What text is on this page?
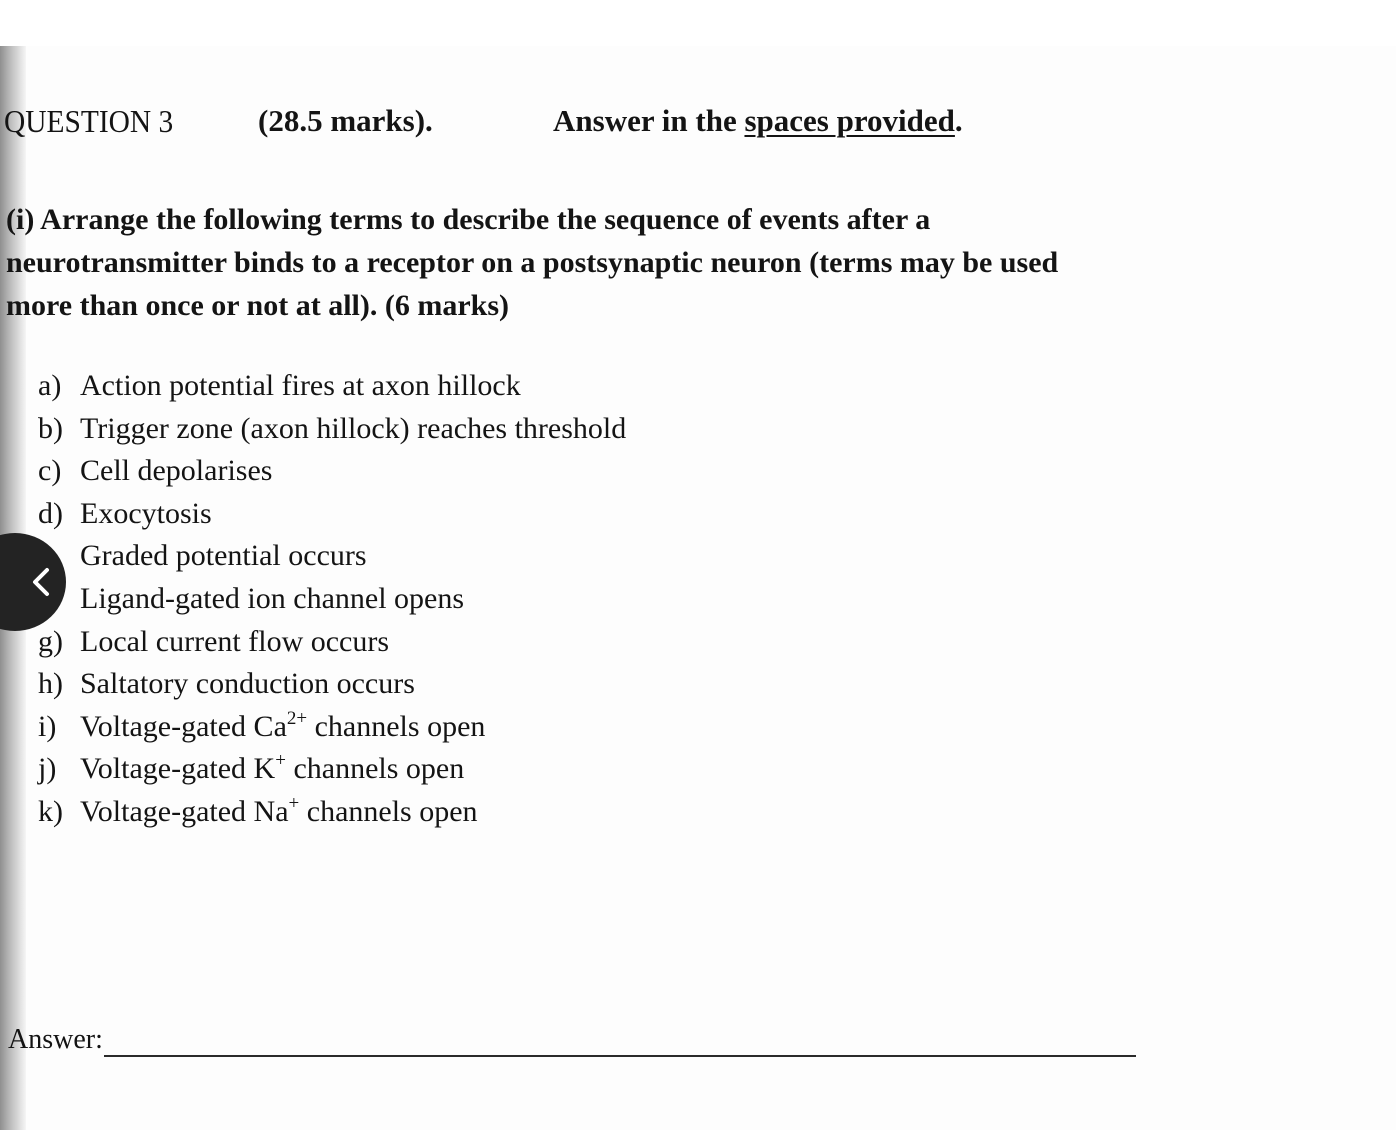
QUESTION 3	(28.5 marks).	Answer in the spaces provided.

(i) Arrange the following terms to describe the sequence of events after a
neurotransmitter binds to a receptor on a postsynaptic neuron (terms may be used
more than once or not at all). (6 marks)

a) Action potential fires at axon hillock
b) Trigger zone (axon hillock) reaches threshold
c) Cell depolarises
d) Exocytosis
Graded potential occurs
Ligand-gated ion channel opens
g) Local current flow occurs
h) Saltatory conduction occurs
i) Voltage-gated $Ca^{2+}$ channels open
j) Voltage-gated K+ channels open
k) Voltage-gated Na+ channels open
Answer:
